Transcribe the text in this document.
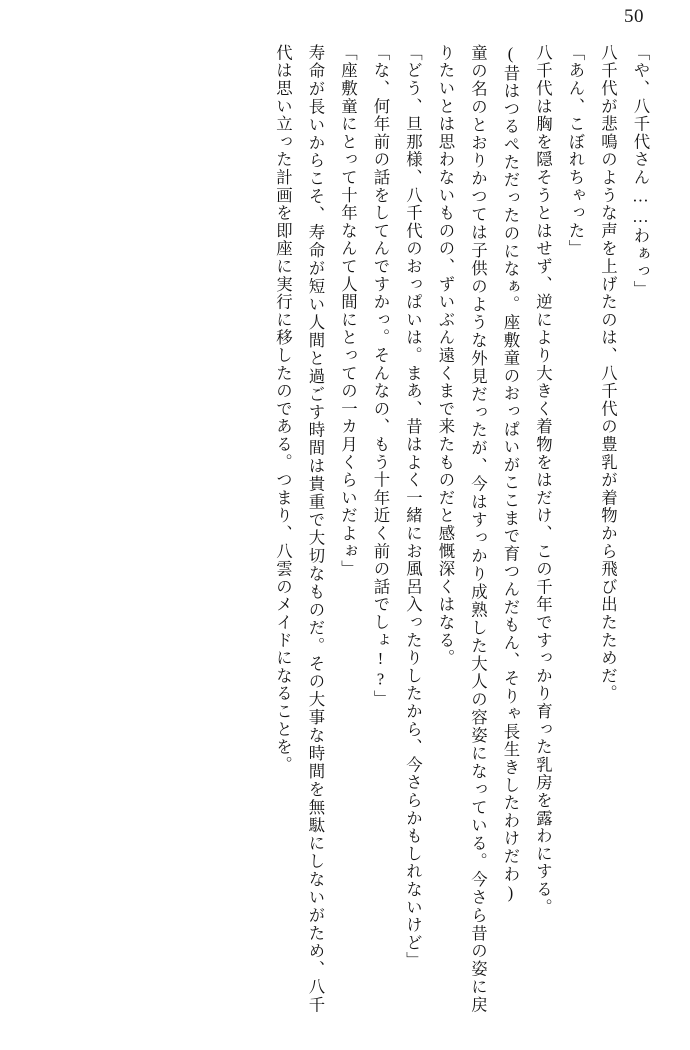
50

「や、八千代さん……わぁっ」

八千代が悲鳴のような声を上げたのは、八千代の豊乳が着物から飛び出たためだ。

「あん、こぼれちゃった」

八千代は胸を隠そうとはせず、逆により大きく着物をはだけ、この千年ですっかり育った乳房を露わにする。

(昔はつるぺただったのになぁ。座敷童のおっぱいがここまで育つんだもん、そりゃ長生きしたわけだわ)

童の名のとおりかつては子供のような外見だったが、今はすっかり成熟した大人の容姿になっている。今さら昔の姿に戻りたいとは思わないものの、ずいぶん遠くまで来たものだと感慨深くはなる。

「どう、旦那様、八千代のおっぱいは。まあ、昔はよく一緒にお風呂入ったりしたから、今さらかもしれないけど」

「な、何年前の話をしてんですかっ。そんなの、もう十年近く前の話でしょ!?」

「座敷童にとって十年なんて人間にとっての一カ月くらいだよぉ」

寿命が長いからこそ、寿命が短い人間と過ごす時間は貴重で大切なものだ。その大事な時間を無駄にしないがため、八千代は思い立った計画を即座に実行に移したのである。つまり、八雲のメイドになることを。
